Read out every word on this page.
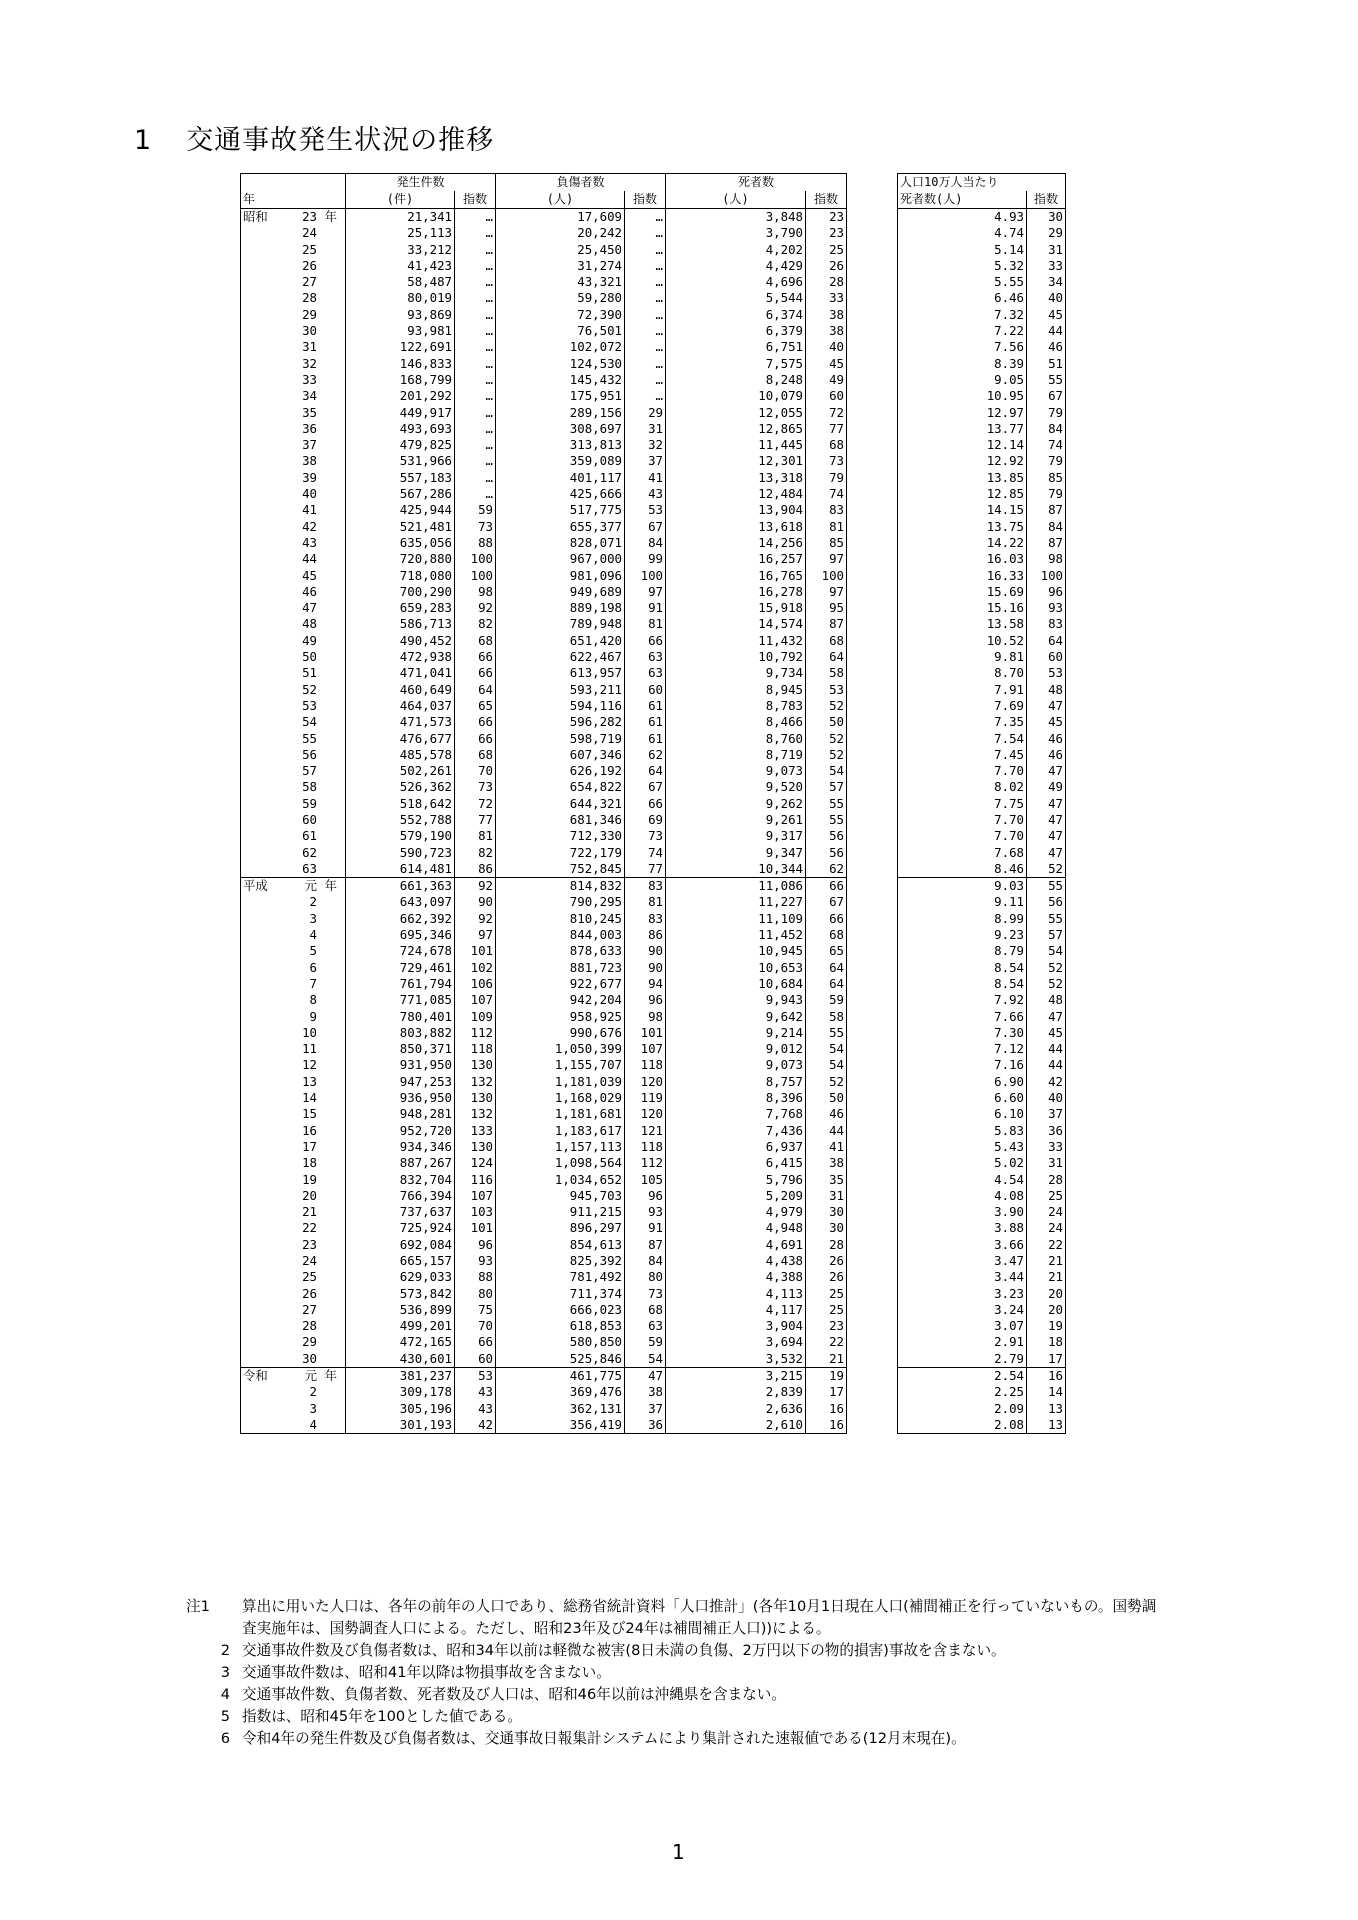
1 交通事故発生状況の推移
	発生件数		負傷者数		死者数	
年	(件)	指数	(人)	指数	(人)	指数
昭和 23 年	21,341	…	17,609	…	3,848	23
24	25,113	…	20,242	…	3,790	23
25	33,212	…	25,450	…	4,202	25
26	41,423	…	31,274	…	4,429	26
27	58,487	…	43,321	…	4,696	28
28	80,019	…	59,280	…	5,544	33
29	93,869	…	72,390	…	6,374	38
30	93,981	…	76,501	…	6,379	38
31	122,691	…	102,072	…	6,751	40
32	146,833	…	124,530	…	7,575	45
33	168,799	…	145,432	…	8,248	49
34	201,292	…	175,951	…	10,079	60
35	449,917	…	289,156	29	12,055	72
36	493,693	…	308,697	31	12,865	77
37	479,825	…	313,813	32	11,445	68
38	531,966	…	359,089	37	12,301	73
39	557,183	…	401,117	41	13,318	79
40	567,286	…	425,666	43	12,484	74
41	425,944	59	517,775	53	13,904	83
42	521,481	73	655,377	67	13,618	81
43	635,056	88	828,071	84	14,256	85
44	720,880	100	967,000	99	16,257	97
45	718,080	100	981,096	100	16,765	100
46	700,290	98	949,689	97	16,278	97
47	659,283	92	889,198	91	15,918	95
48	586,713	82	789,948	81	14,574	87
49	490,452	68	651,420	66	11,432	68
50	472,938	66	622,467	63	10,792	64
51	471,041	66	613,957	63	9,734	58
52	460,649	64	593,211	60	8,945	53
53	464,037	65	594,116	61	8,783	52
54	471,573	66	596,282	61	8,466	50
55	476,677	66	598,719	61	8,760	52
56	485,578	68	607,346	62	8,719	52
57	502,261	70	626,192	64	9,073	54
58	526,362	73	654,822	67	9,520	57
59	518,642	72	644,321	66	9,262	55
60	552,788	77	681,346	69	9,261	55
61	579,190	81	712,330	73	9,317	56
62	590,723	82	722,179	74	9,347	56
63	614,481	86	752,845	77	10,344	62
平成 元 年	661,363	92	814,832	83	11,086	66
2	643,097	90	790,295	81	11,227	67
3	662,392	92	810,245	83	11,109	66
4	695,346	97	844,003	86	11,452	68
5	724,678	101	878,633	90	10,945	65
6	729,461	102	881,723	90	10,653	64
7	761,794	106	922,677	94	10,684	64
8	771,085	107	942,204	96	9,943	59
9	780,401	109	958,925	98	9,642	58
10	803,882	112	990,676	101	9,214	55
11	850,371	118	1,050,399	107	9,012	54
12	931,950	130	1,155,707	118	9,073	54
13	947,253	132	1,181,039	120	8,757	52
14	936,950	130	1,168,029	119	8,396	50
15	948,281	132	1,181,681	120	7,768	46
16	952,720	133	1,183,617	121	7,436	44
17	934,346	130	1,157,113	118	6,937	41
18	887,267	124	1,098,564	112	6,415	38
19	832,704	116	1,034,652	105	5,796	35
20	766,394	107	945,703	96	5,209	31
21	737,637	103	911,215	93	4,979	30
22	725,924	101	896,297	91	4,948	30
23	692,084	96	854,613	87	4,691	28
24	665,157	93	825,392	84	4,438	26
25	629,033	88	781,492	80	4,388	26
26	573,842	80	711,374	73	4,113	25
27	536,899	75	666,023	68	4,117	25
28	499,201	70	618,853	63	3,904	23
29	472,165	66	580,850	59	3,694	22
30	430,601	60	525,846	54	3,532	21
令和 元 年	381,237	53	461,775	47	3,215	19
2	309,178	43	369,476	38	2,839	17
3	305,196	43	362,131	37	2,636	16
4	301,193	42	356,419	36	2,610	16
人口10万人当たり	
死者数(人)	指数
4.93	30
4.74	29
5.14	31
5.32	33
5.55	34
6.46	40
7.32	45
7.22	44
7.56	46
8.39	51
9.05	55
10.95	67
12.97	79
13.77	84
12.14	74
12.92	79
13.85	85
12.85	79
14.15	87
13.75	84
14.22	87
16.03	98
16.33	100
15.69	96
15.16	93
13.58	83
10.52	64
9.81	60
8.70	53
7.91	48
7.69	47
7.35	45
7.54	46
7.45	46
7.70	47
8.02	49
7.75	47
7.70	47
7.70	47
7.68	47
8.46	52
9.03	55
9.11	56
8.99	55
9.23	57
8.79	54
8.54	52
8.54	52
7.92	48
7.66	47
7.30	45
7.12	44
7.16	44
6.90	42
6.60	40
6.10	37
5.83	36
5.43	33
5.02	31
4.54	28
4.08	25
3.90	24
3.88	24
3.66	22
3.47	21
3.44	21
3.23	20
3.24	20
3.07	19
2.91	18
2.79	17
2.54	16
2.25	14
2.09	13
2.08	13
注1	算出に用いた人口は、各年の前年の人口であり、総務省統計資料「人口推計」(各年10月1日現在人口(補間補正を行っていないもの。国勢調査実施年は、国勢調査人口による。ただし、昭和23年及び24年は補間補正人口))による。
2 交通事故件数及び負傷者数は、昭和34年以前は軽微な被害(8日未満の負傷、2万円以下の物的損害)事故を含まない。
3 交通事故件数は、昭和41年以降は物損事故を含まない。
4 交通事故件数、負傷者数、死者数及び人口は、昭和46年以前は沖縄県を含まない。
5 指数は、昭和45年を100とした値である。
6 令和4年の発生件数及び負傷者数は、交通事故日報集計システムにより集計された速報値である(12月末現在)。
1
